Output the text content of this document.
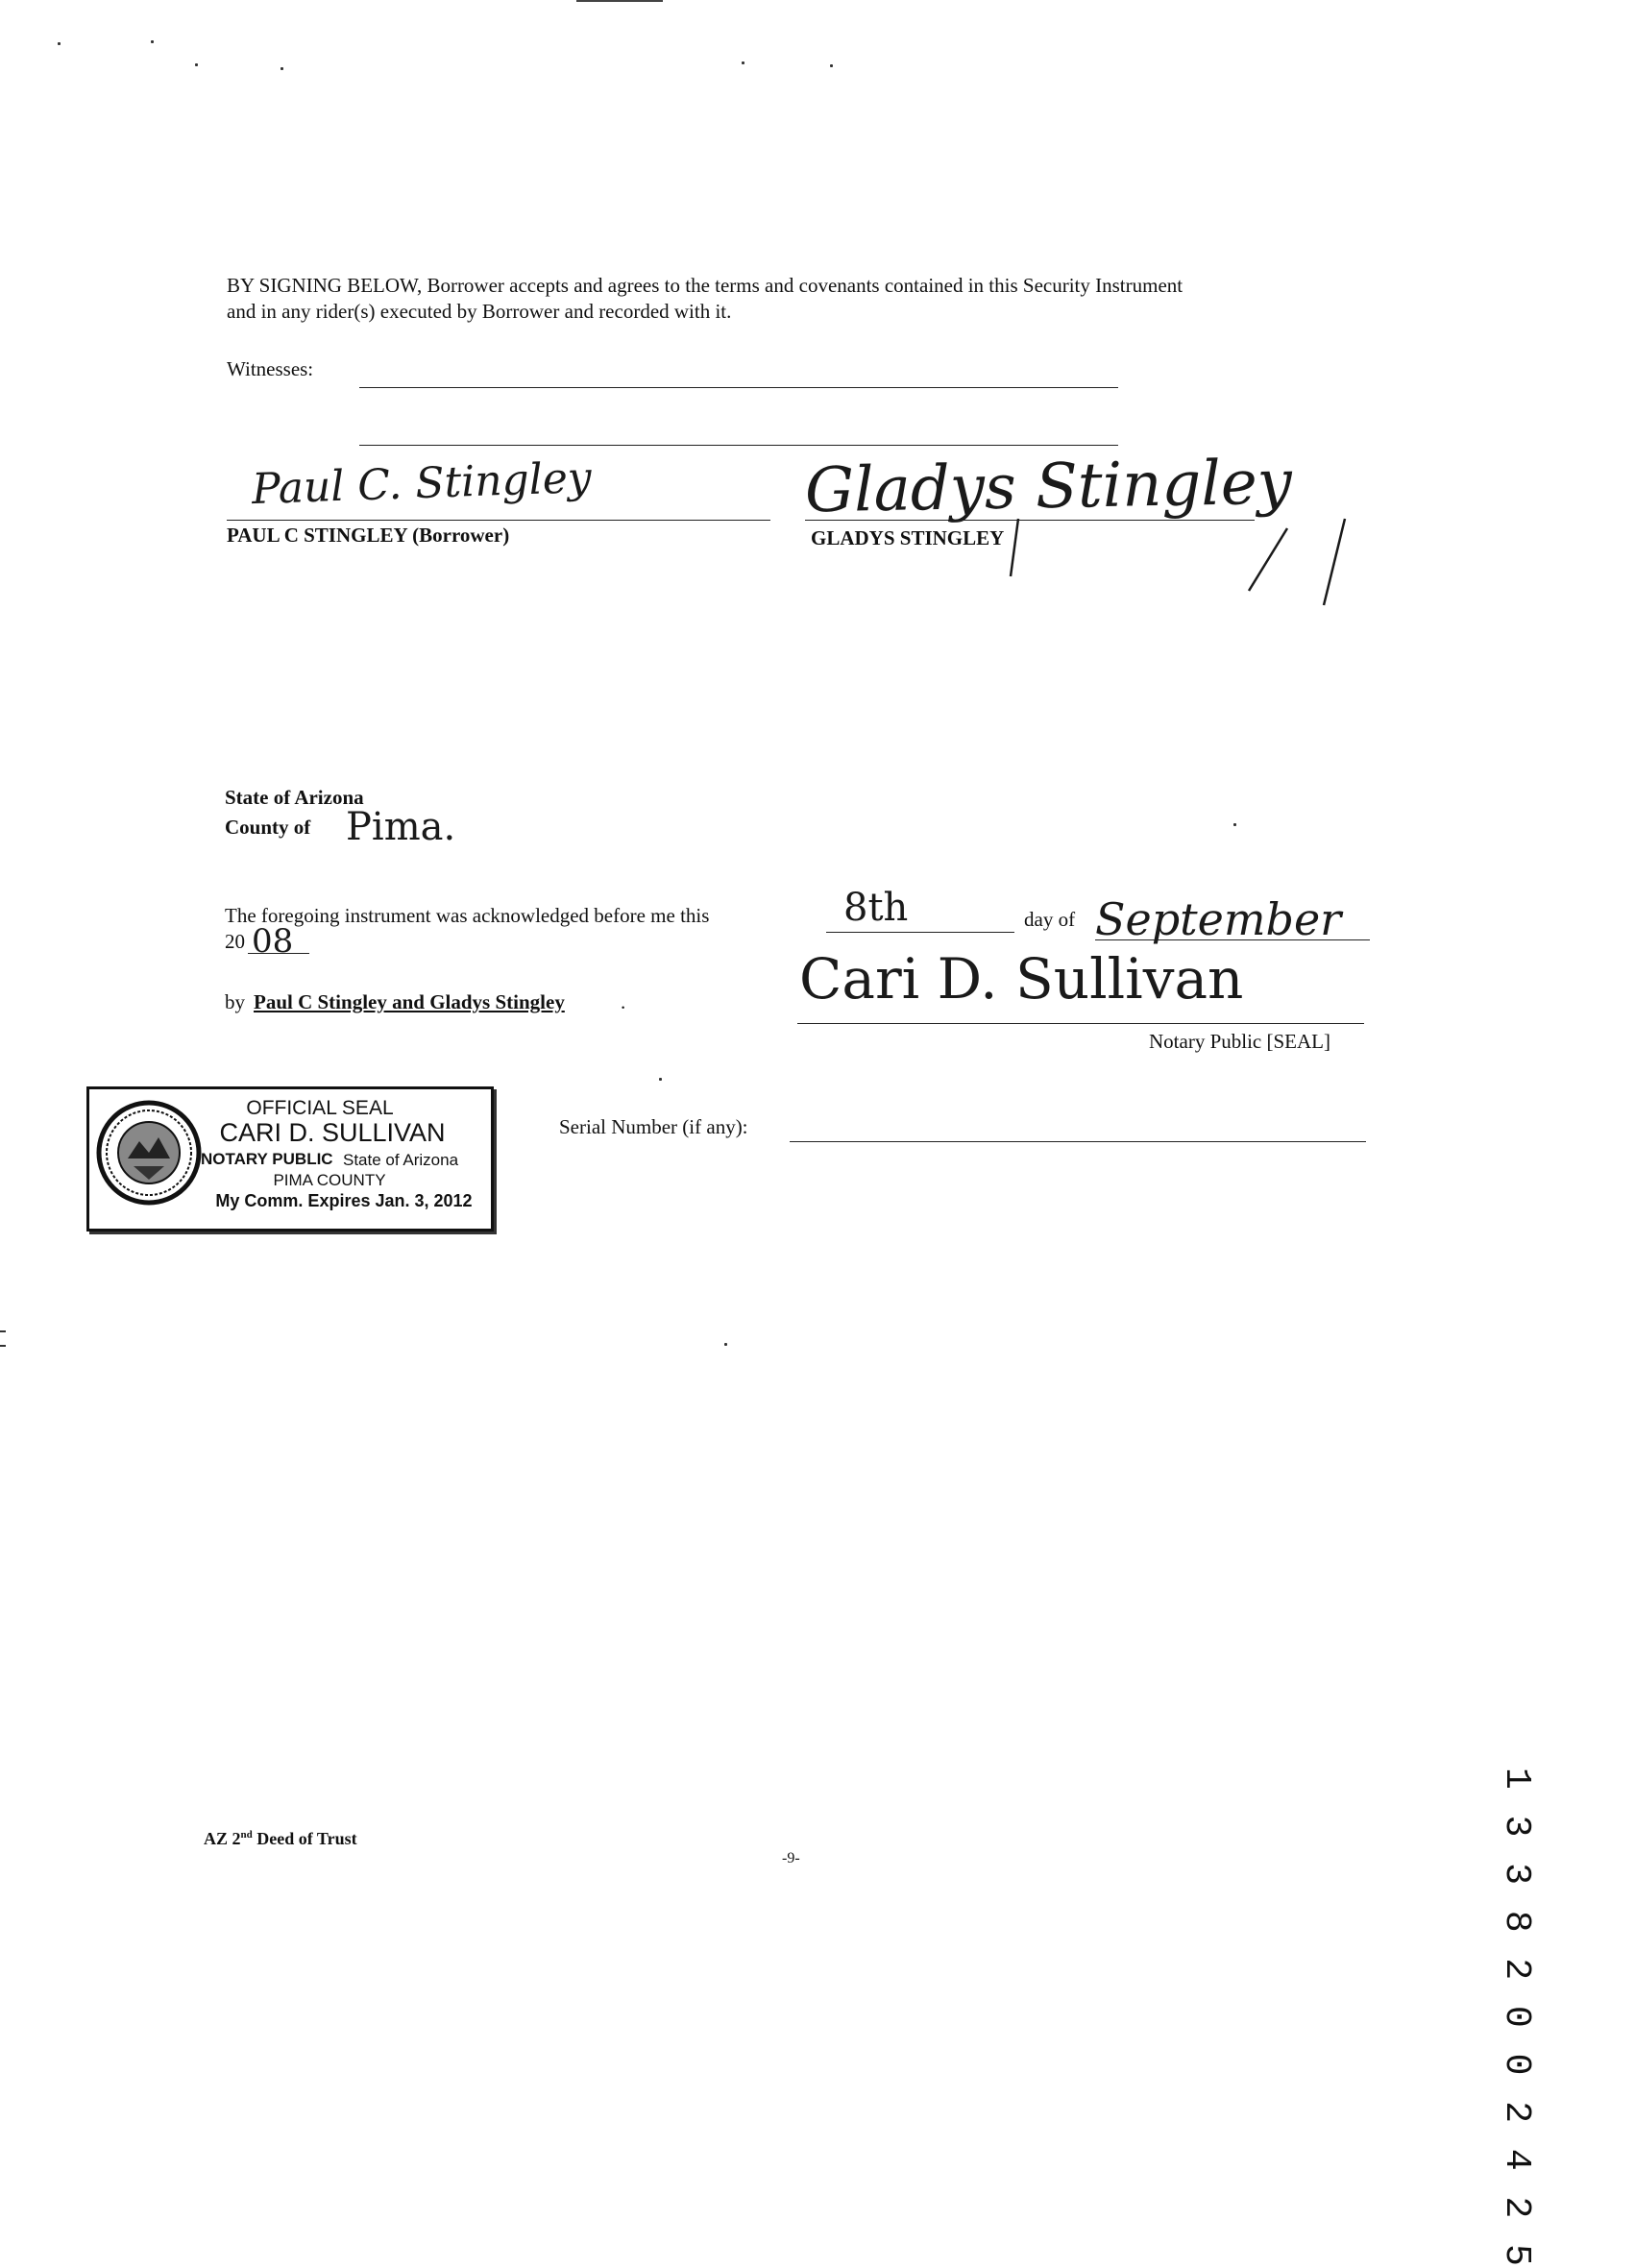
BY SIGNING BELOW, Borrower accepts and agrees to the terms and covenants contained in this Security Instrument
and in any rider(s) executed by Borrower and recorded with it.
Witnesses:
Paul C. Stingley
PAUL C STINGLEY (Borrower)	GLADYS STINGLEY
Gladys Stingley
State of Arizona
County of Pima.
The foregoing instrument was acknowledged before me this	8th	day of September
20 08
by Paul C Stingley and Gladys Stingley	.	Cari D. Sullivan
Notary Public [SEAL]
OFFICIAL SEAL
CARI D. SULLIVAN
NOTARY PUBLIC State of Arizona
PIMA COUNTY
My Comm. Expires Jan. 3, 2012
Serial Number (if any):
AZ 2nd Deed of Trust
-9-	1 3 3 8 2 0 0 2 4 2 5
